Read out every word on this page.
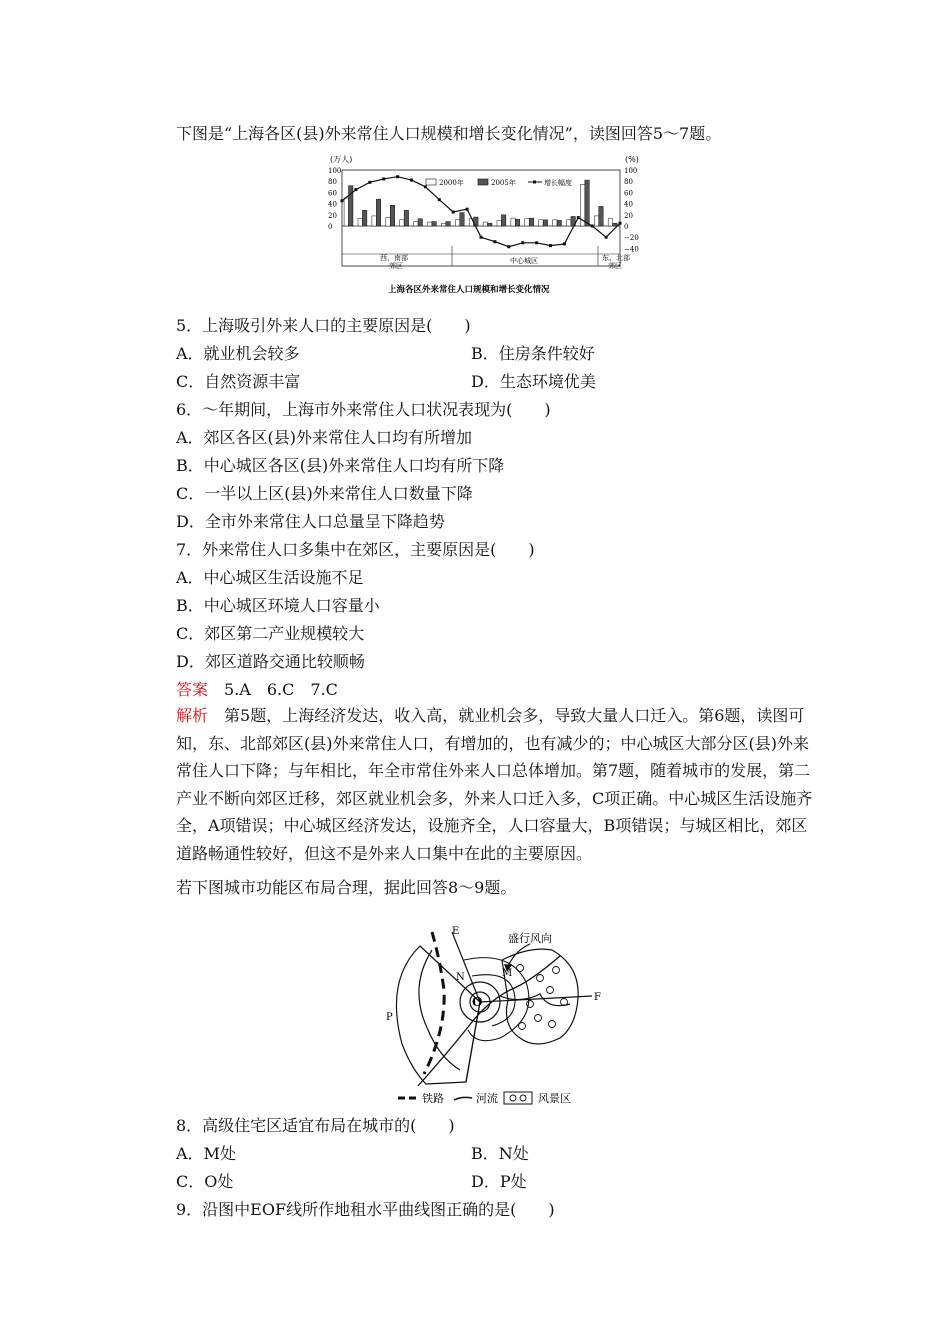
下图是“上海各区(县)外来常住人口规模和增长变化情况”，读图回答5～7题。
(万人)	(%)
100
80
60
40
20
0
100
80
60
40
20
0
−20
−40
2000年	2005年	增长幅度
西、南部
郊区
中心城区	东、北部
郊区
上海各区外来常住人口规模和增长变化情况
5．上海吸引外来人口的主要原因是(　　)
A．就业机会较多	B．住房条件较好
C．自然资源丰富	D．生态环境优美
6．～年期间，上海市外来常住人口状况表现为(　　)
A．郊区各区(县)外来常住人口均有所增加
B．中心城区各区(县)外来常住人口均有所下降
C．一半以上区(县)外来常住人口数量下降
D．全市外来常住人口总量呈下降趋势
7．外来常住人口多集中在郊区，主要原因是(　　)
A．中心城区生活设施不足
B．中心城区环境人口容量小
C．郊区第二产业规模较大
D．郊区道路交通比较顺畅
答案　5.A　6.C　7.C
解析　第5题，上海经济发达，收入高，就业机会多，导致大量人口迁入。第6题，读图可知，东、北部郊区(县)外来常住人口，有增加的，也有减少的；中心城区大部分区(县)外来常住人口下降；与年相比，年全市常住外来人口总体增加。第7题，随着城市的发展，第二产业不断向郊区迁移，郊区就业机会多，外来人口迁入多，C项正确。中心城区生活设施齐全，A项错误；中心城区经济发达，设施齐全，人口容量大，B项错误；与城区相比，郊区道路畅通性较好，但这不是外来人口集中在此的主要原因。
若下图城市功能区布局合理，据此回答8～9题。
盛行风向
E
N	M
O	F
P
铁路	河流	风景区
8．高级住宅区适宜布局在城市的(　　)
A．M处	B．N处
C．O处	D．P处
9．沿图中EOF线所作地租水平曲线图正确的是(　　)
